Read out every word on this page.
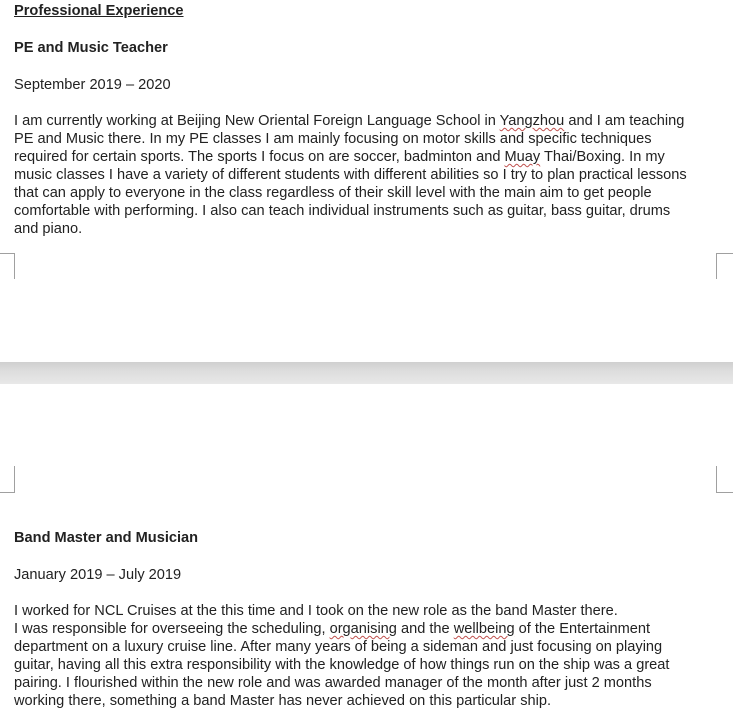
Professional Experience

PE and Music Teacher

September 2019 – 2020

I am currently working at Beijing New Oriental Foreign Language School in Yangzhou and I am teaching

PE and Music there. In my PE classes I am mainly focusing on motor skills and specific techniques

required for certain sports. The sports I focus on are soccer, badminton and Muay Thai/Boxing. In my

music classes I have a variety of different students with different abilities so I try to plan practical lessons

that can apply to everyone in the class regardless of their skill level with the main aim to get people

comfortable with performing. I also can teach individual instruments such as guitar, bass guitar, drums

and piano.

Band Master and Musician

January 2019 – July 2019

I worked for NCL Cruises at the this time and I took on the new role as the band Master there.

I was responsible for overseeing the scheduling, organising and the wellbeing of the Entertainment

department on a luxury cruise line. After many years of being a sideman and just focusing on playing

guitar, having all this extra responsibility with the knowledge of how things run on the ship was a great

pairing. I flourished within the new role and was awarded manager of the month after just 2 months

working there, something a band Master has never achieved on this particular ship.
